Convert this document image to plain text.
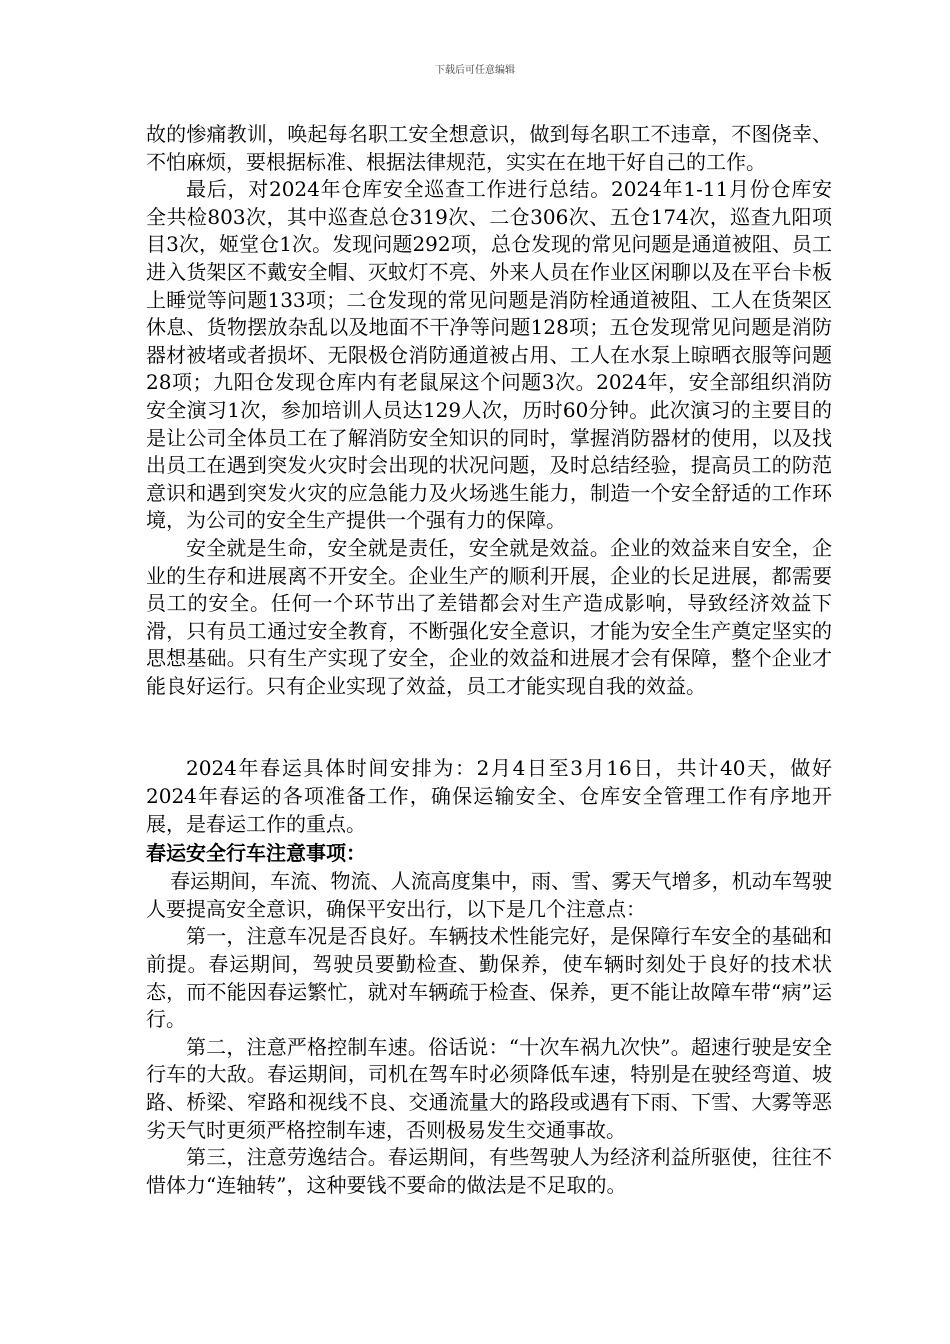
下载后可任意编辑

故的惨痛教训，唤起每名职工安全想意识，做到每名职工不违章，不图侥幸、不怕麻烦，要根据标准、根据法律规范，实实在在地干好自己的工作。

最后，对2024年仓库安全巡查工作进行总结。2024年1-11月份仓库安全共检803次，其中巡查总仓319次、二仓306次、五仓174次，巡查九阳项目3次，姬堂仓1次。发现问题292项，总仓发现的常见问题是通道被阻、员工进入货架区不戴安全帽、灭蚊灯不亮、外来人员在作业区闲聊以及在平台卡板上睡觉等问题133项；二仓发现的常见问题是消防栓通道被阻、工人在货架区休息、货物摆放杂乱以及地面不干净等问题128项；五仓发现常见问题是消防器材被堵或者损坏、无限极仓消防通道被占用、工人在水泵上晾晒衣服等问题28项；九阳仓发现仓库内有老鼠屎这个问题3次。2024年，安全部组织消防安全演习1次，参加培训人员达129人次，历时60分钟。此次演习的主要目的是让公司全体员工在了解消防安全知识的同时，掌握消防器材的使用，以及找出员工在遇到突发火灾时会出现的状况问题，及时总结经验，提高员工的防范意识和遇到突发火灾的应急能力及火场逃生能力，制造一个安全舒适的工作环境，为公司的安全生产提供一个强有力的保障。

安全就是生命，安全就是责任，安全就是效益。企业的效益来自安全，企业的生存和进展离不开安全。企业生产的顺利开展，企业的长足进展，都需要员工的安全。任何一个环节出了差错都会对生产造成影响，导致经济效益下滑，只有员工通过安全教育，不断强化安全意识，才能为安全生产奠定坚实的思想基础。只有生产实现了安全，企业的效益和进展才会有保障，整个企业才能良好运行。只有企业实现了效益，员工才能实现自我的效益。

2024年春运具体时间安排为：2月4日至3月16日，共计40天，做好2024年春运的各项准备工作，确保运输安全、仓库安全管理工作有序地开展，是春运工作的重点。

春运安全行车注意事项：

春运期间，车流、物流、人流高度集中，雨、雪、雾天气增多，机动车驾驶人要提高安全意识，确保平安出行，以下是几个注意点：

第一，注意车况是否良好。车辆技术性能完好，是保障行车安全的基础和前提。春运期间，驾驶员要勤检查、勤保养，使车辆时刻处于良好的技术状态，而不能因春运繁忙，就对车辆疏于检查、保养，更不能让故障车带“病”运行。

第二，注意严格控制车速。俗话说：“十次车祸九次快”。超速行驶是安全行车的大敌。春运期间，司机在驾车时必须降低车速，特别是在驶经弯道、坡路、桥梁、窄路和视线不良、交通流量大的路段或遇有下雨、下雪、大雾等恶劣天气时更须严格控制车速，否则极易发生交通事故。

第三，注意劳逸结合。春运期间，有些驾驶人为经济利益所驱使，往往不惜体力“连轴转”，这种要钱不要命的做法是不足取的。
